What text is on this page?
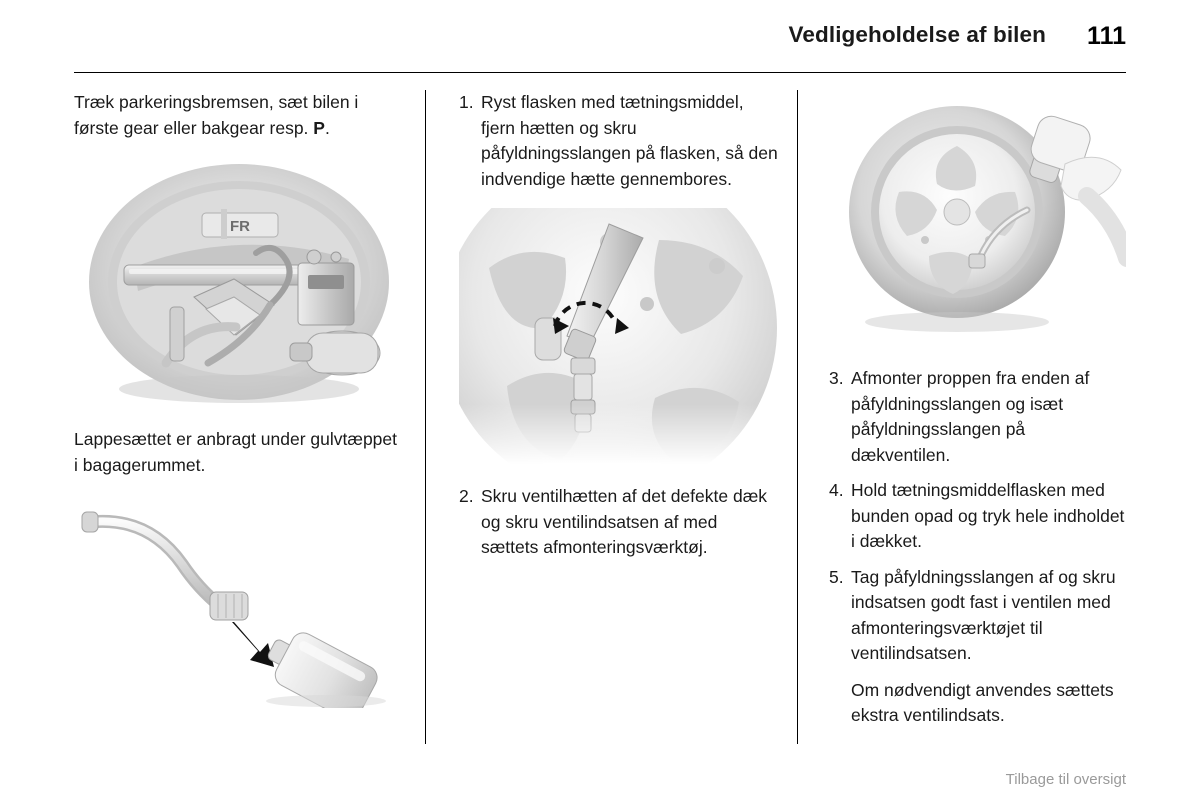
Vedligeholdelse af bilen 111

Træk parkeringsbremsen, sæt bilen i første gear eller bakgear resp. P.

FR

Lappesættet er anbragt under gulvtæppet i bagagerummet.

1. Ryst flasken med tætningsmiddel, fjern hætten og skru påfyldningsslangen på flasken, så den indvendige hætte gennembores.
2. Skru ventilhætten af det defekte dæk og skru ventilindsatsen af med sættets afmonteringsværktøj.
3. Afmonter proppen fra enden af påfyldningsslangen og isæt påfyldningsslangen på dækventilen.
4. Hold tætningsmiddelflasken med bunden opad og tryk hele indholdet i dækket.
5. Tag påfyldningsslangen af og skru indsatsen godt fast i ventilen med afmonteringsværktøjet til ventilindsatsen.
Om nødvendigt anvendes sættets ekstra ventilindsats.
Tilbage til oversigt
